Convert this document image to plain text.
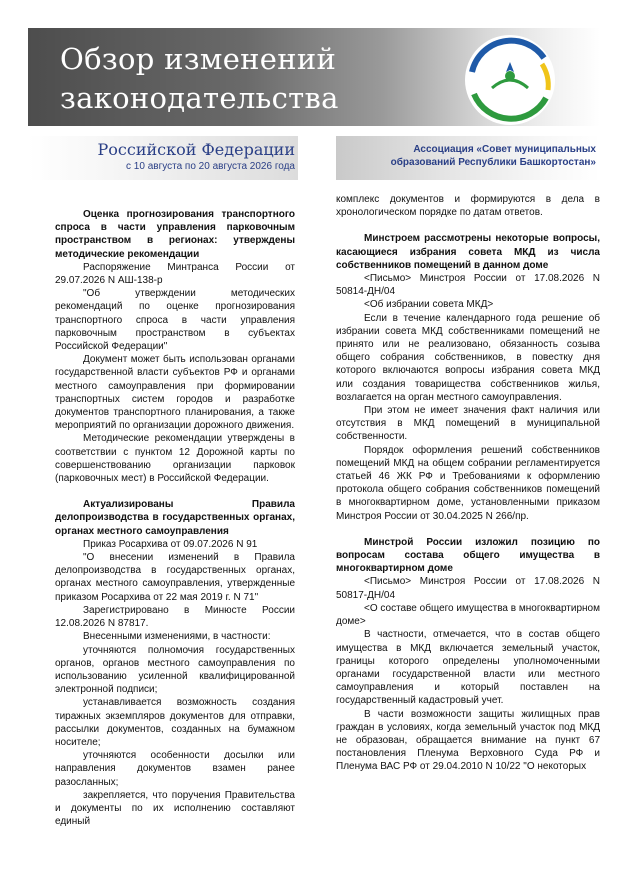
Обзор изменений
законодательства
Российской Федерации
с 10 августа по 20 августа 2026 года
Ассоциация «Совет муниципальных
образований Республики Башкортостан»

Оценка прогнозирования транспортного спроса в части управления парковочным пространством в регионах: утверждены методические рекомендации

Распоряжение Минтранса России от 29.07.2026 N АШ-138-р

"Об утверждении методических рекомендаций по оценке прогнозирования транспортного спроса в части управления парковочным пространством в субъектах Российской Федерации"

Документ может быть использован органами государственной власти субъектов РФ и органами местного самоуправления при формировании транспортных систем городов и разработке документов транспортного планирования, а также мероприятий по организации дорожного движения.

Методические рекомендации утверждены в соответствии с пунктом 12 Дорожной карты по совершенствованию организации парковок (парковочных мест) в Российской Федерации.

Актуализированы Правила делопроизводства в государственных органах, органах местного самоуправления

Приказ Росархива от 09.07.2026 N 91

"О внесении изменений в Правила делопроизводства в государственных органах, органах местного самоуправления, утвержденные приказом Росархива от 22 мая 2019 г. N 71"

Зарегистрировано в Минюсте России 12.08.2026 N 87817.

Внесенными изменениями, в частности:

уточняются полномочия государственных органов, органов местного самоуправления по использованию усиленной квалифицированной электронной подписи;

устанавливается возможность создания тиражных экземпляров документов для отправки, рассылки документов, созданных на бумажном носителе;

уточняются особенности досылки или направления документов взамен ранее разосланных;

закрепляется, что поручения Правительства и документы по их исполнению составляют единый

комплекс документов и формируются в дела в хронологическом порядке по датам ответов.

Минстроем рассмотрены некоторые вопросы, касающиеся избрания совета МКД из числа собственников помещений в данном доме

<Письмо> Минстроя России от 17.08.2026 N 50814-ДН/04

<Об избрании совета МКД>

Если в течение календарного года решение об избрании совета МКД собственниками помещений не принято или не реализовано, обязанность созыва общего собрания собственников, в повестку дня которого включаются вопросы избрания совета МКД или создания товарищества собственников жилья, возлагается на орган местного самоуправления.

При этом не имеет значения факт наличия или отсутствия в МКД помещений в муниципальной собственности.

Порядок оформления решений собственников помещений МКД на общем собрании регламентируется статьей 46 ЖК РФ и Требованиями к оформлению протокола общего собрания собственников помещений в многоквартирном доме, установленными приказом Минстроя России от 30.04.2025 N 266/пр.

Минстрой России изложил позицию по вопросам состава общего имущества в многоквартирном доме

<Письмо> Минстроя России от 17.08.2026 N 50817-ДН/04

<О составе общего имущества в многоквартирном доме>

В частности, отмечается, что в состав общего имущества в МКД включается земельный участок, границы которого определены уполномоченными органами государственной власти или местного самоуправления и который поставлен на государственный кадастровый учет.

В части возможности защиты жилищных прав граждан в условиях, когда земельный участок под МКД не образован, обращается внимание на пункт 67 постановления Пленума Верховного Суда РФ и Пленума ВАС РФ от 29.04.2010 N 10/22 "О некоторых
